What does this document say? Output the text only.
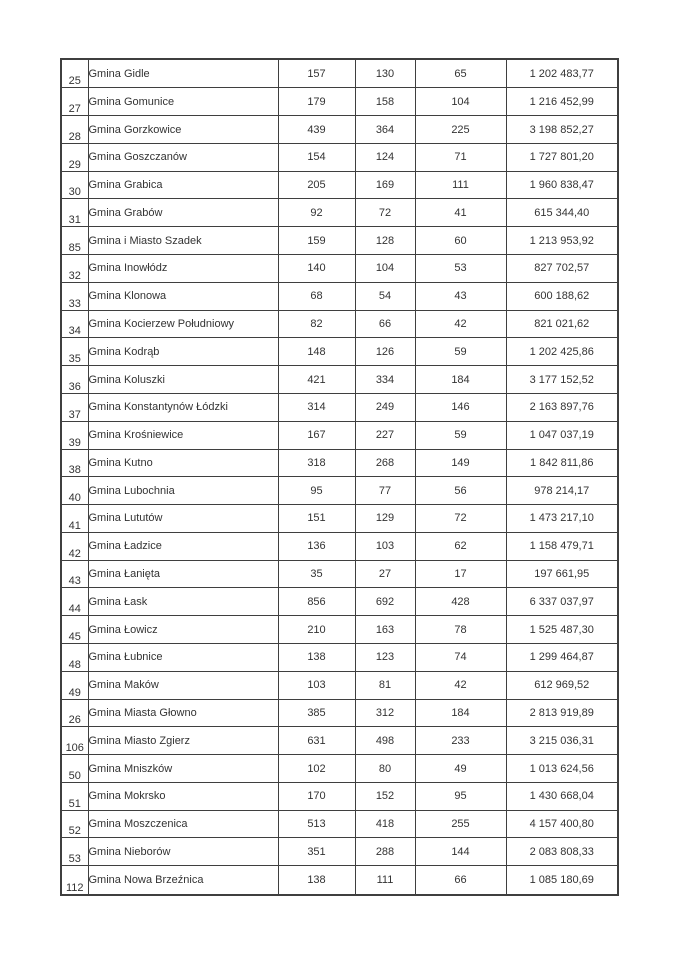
25	Gmina Gidle	157	130	65	1 202 483,77
27	Gmina Gomunice	179	158	104	1 216 452,99
28	Gmina Gorzkowice	439	364	225	3 198 852,27
29	Gmina Goszczanów	154	124	71	1 727 801,20
30	Gmina Grabica	205	169	111	1 960 838,47
31	Gmina Grabów	92	72	41	615 344,40
85	Gmina i Miasto Szadek	159	128	60	1 213 953,92
32	Gmina Inowłódz	140	104	53	827 702,57
33	Gmina Klonowa	68	54	43	600 188,62
34	Gmina Kocierzew Południowy	82	66	42	821 021,62
35	Gmina Kodrąb	148	126	59	1 202 425,86
36	Gmina Koluszki	421	334	184	3 177 152,52
37	Gmina Konstantynów Łódzki	314	249	146	2 163 897,76
39	Gmina Krośniewice	167	227	59	1 047 037,19
38	Gmina Kutno	318	268	149	1 842 811,86
40	Gmina Lubochnia	95	77	56	978 214,17
41	Gmina Lututów	151	129	72	1 473 217,10
42	Gmina Ładzice	136	103	62	1 158 479,71
43	Gmina Łanięta	35	27	17	197 661,95
44	Gmina Łask	856	692	428	6 337 037,97
45	Gmina Łowicz	210	163	78	1 525 487,30
48	Gmina Łubnice	138	123	74	1 299 464,87
49	Gmina Maków	103	81	42	612 969,52
26	Gmina Miasta Głowno	385	312	184	2 813 919,89
106	Gmina Miasto Zgierz	631	498	233	3 215 036,31
50	Gmina Mniszków	102	80	49	1 013 624,56
51	Gmina Mokrsko	170	152	95	1 430 668,04
52	Gmina Moszczenica	513	418	255	4 157 400,80
53	Gmina Nieborów	351	288	144	2 083 808,33
112	Gmina Nowa Brzeźnica	138	111	66	1 085 180,69
